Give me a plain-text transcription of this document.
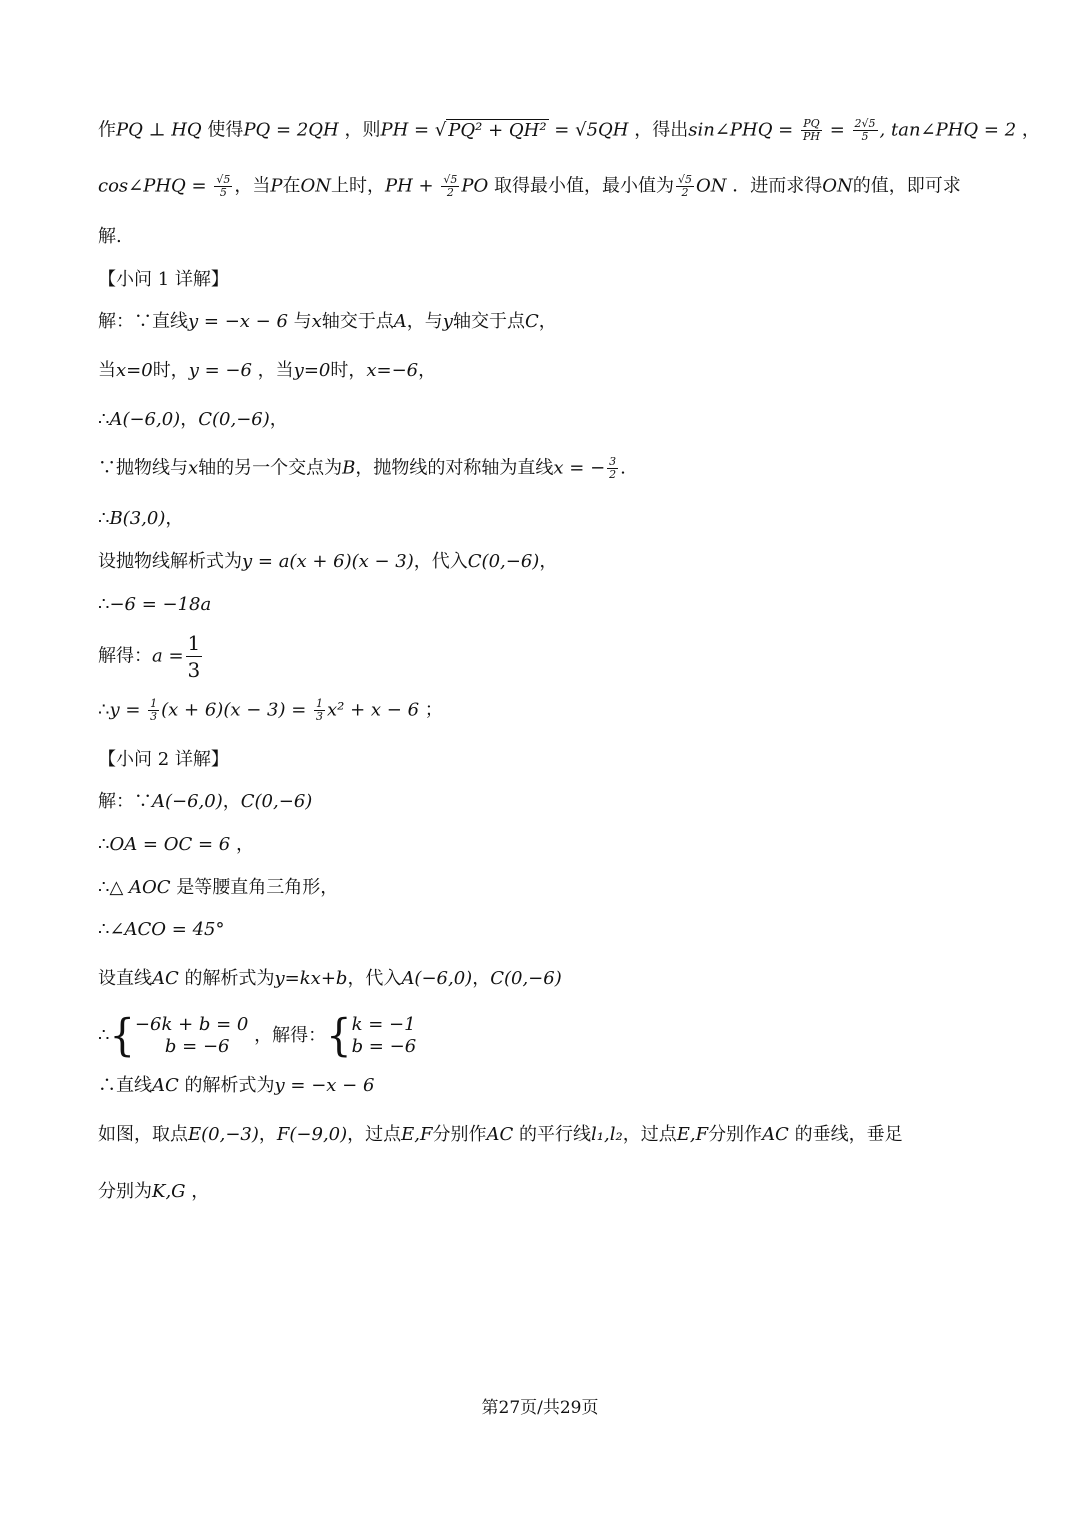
作PQ ⊥ HQ 使得PQ = 2QH ，则PH = √ PQ² + QH² = √5QH ，得出sin∠PHQ = $\frac{PQ}{PH} = \frac{2√5}{5}$ , tan∠PHQ = 2 ，
cos∠PHQ = $\frac{√5}{5}$ ，当P在ON上时，PH + $\frac{√5}{2}$ PO 取得最小值，最小值为 $\frac{√5}{2}$ ON ．进而求得ON的值，即可求
解.
【小问 1 详解】
解：∵直线y = −x − 6 与x轴交于点A，与y轴交于点C，
当x=0时，y = −6 ，当y=0时，x=−6，
∴A(−6,0)，C(0,−6)，
∵抛物线与x轴的另一个交点为B，抛物线的对称轴为直线x = − $\frac{3}{2}$ .
∴B(3,0)，
设抛物线解析式为y = a(x + 6)(x − 3)，代入C(0,−6)，
∴−6 = −18a
解得：$a = \frac{1}{3}$
∴y = $\frac{1}{3} (x + 6)(x - 3) = \frac{1}{3} x^2 + x - 6$ ；
【小问 2 详解】
解：∵A(−6,0)，C(0,−6)
∴OA = OC = 6 ，
∴△ AOC 是等腰直角三角形，
∴∠ACO = 45°
设直线AC 的解析式为y=kx+b，代入A(−6,0)，C(0,−6)
∴{ −6k + b = 0
b = −6
，解得：{ k = −1
b = −6
∴直线AC 的解析式为y = −x − 6
如图，取点E(0,−3)，F(−9,0)，过点E,F分别作AC 的平行线l₁,l₂，过点E,F分别作AC 的垂线，垂足
分别为K,G ，
第27页/共29页
